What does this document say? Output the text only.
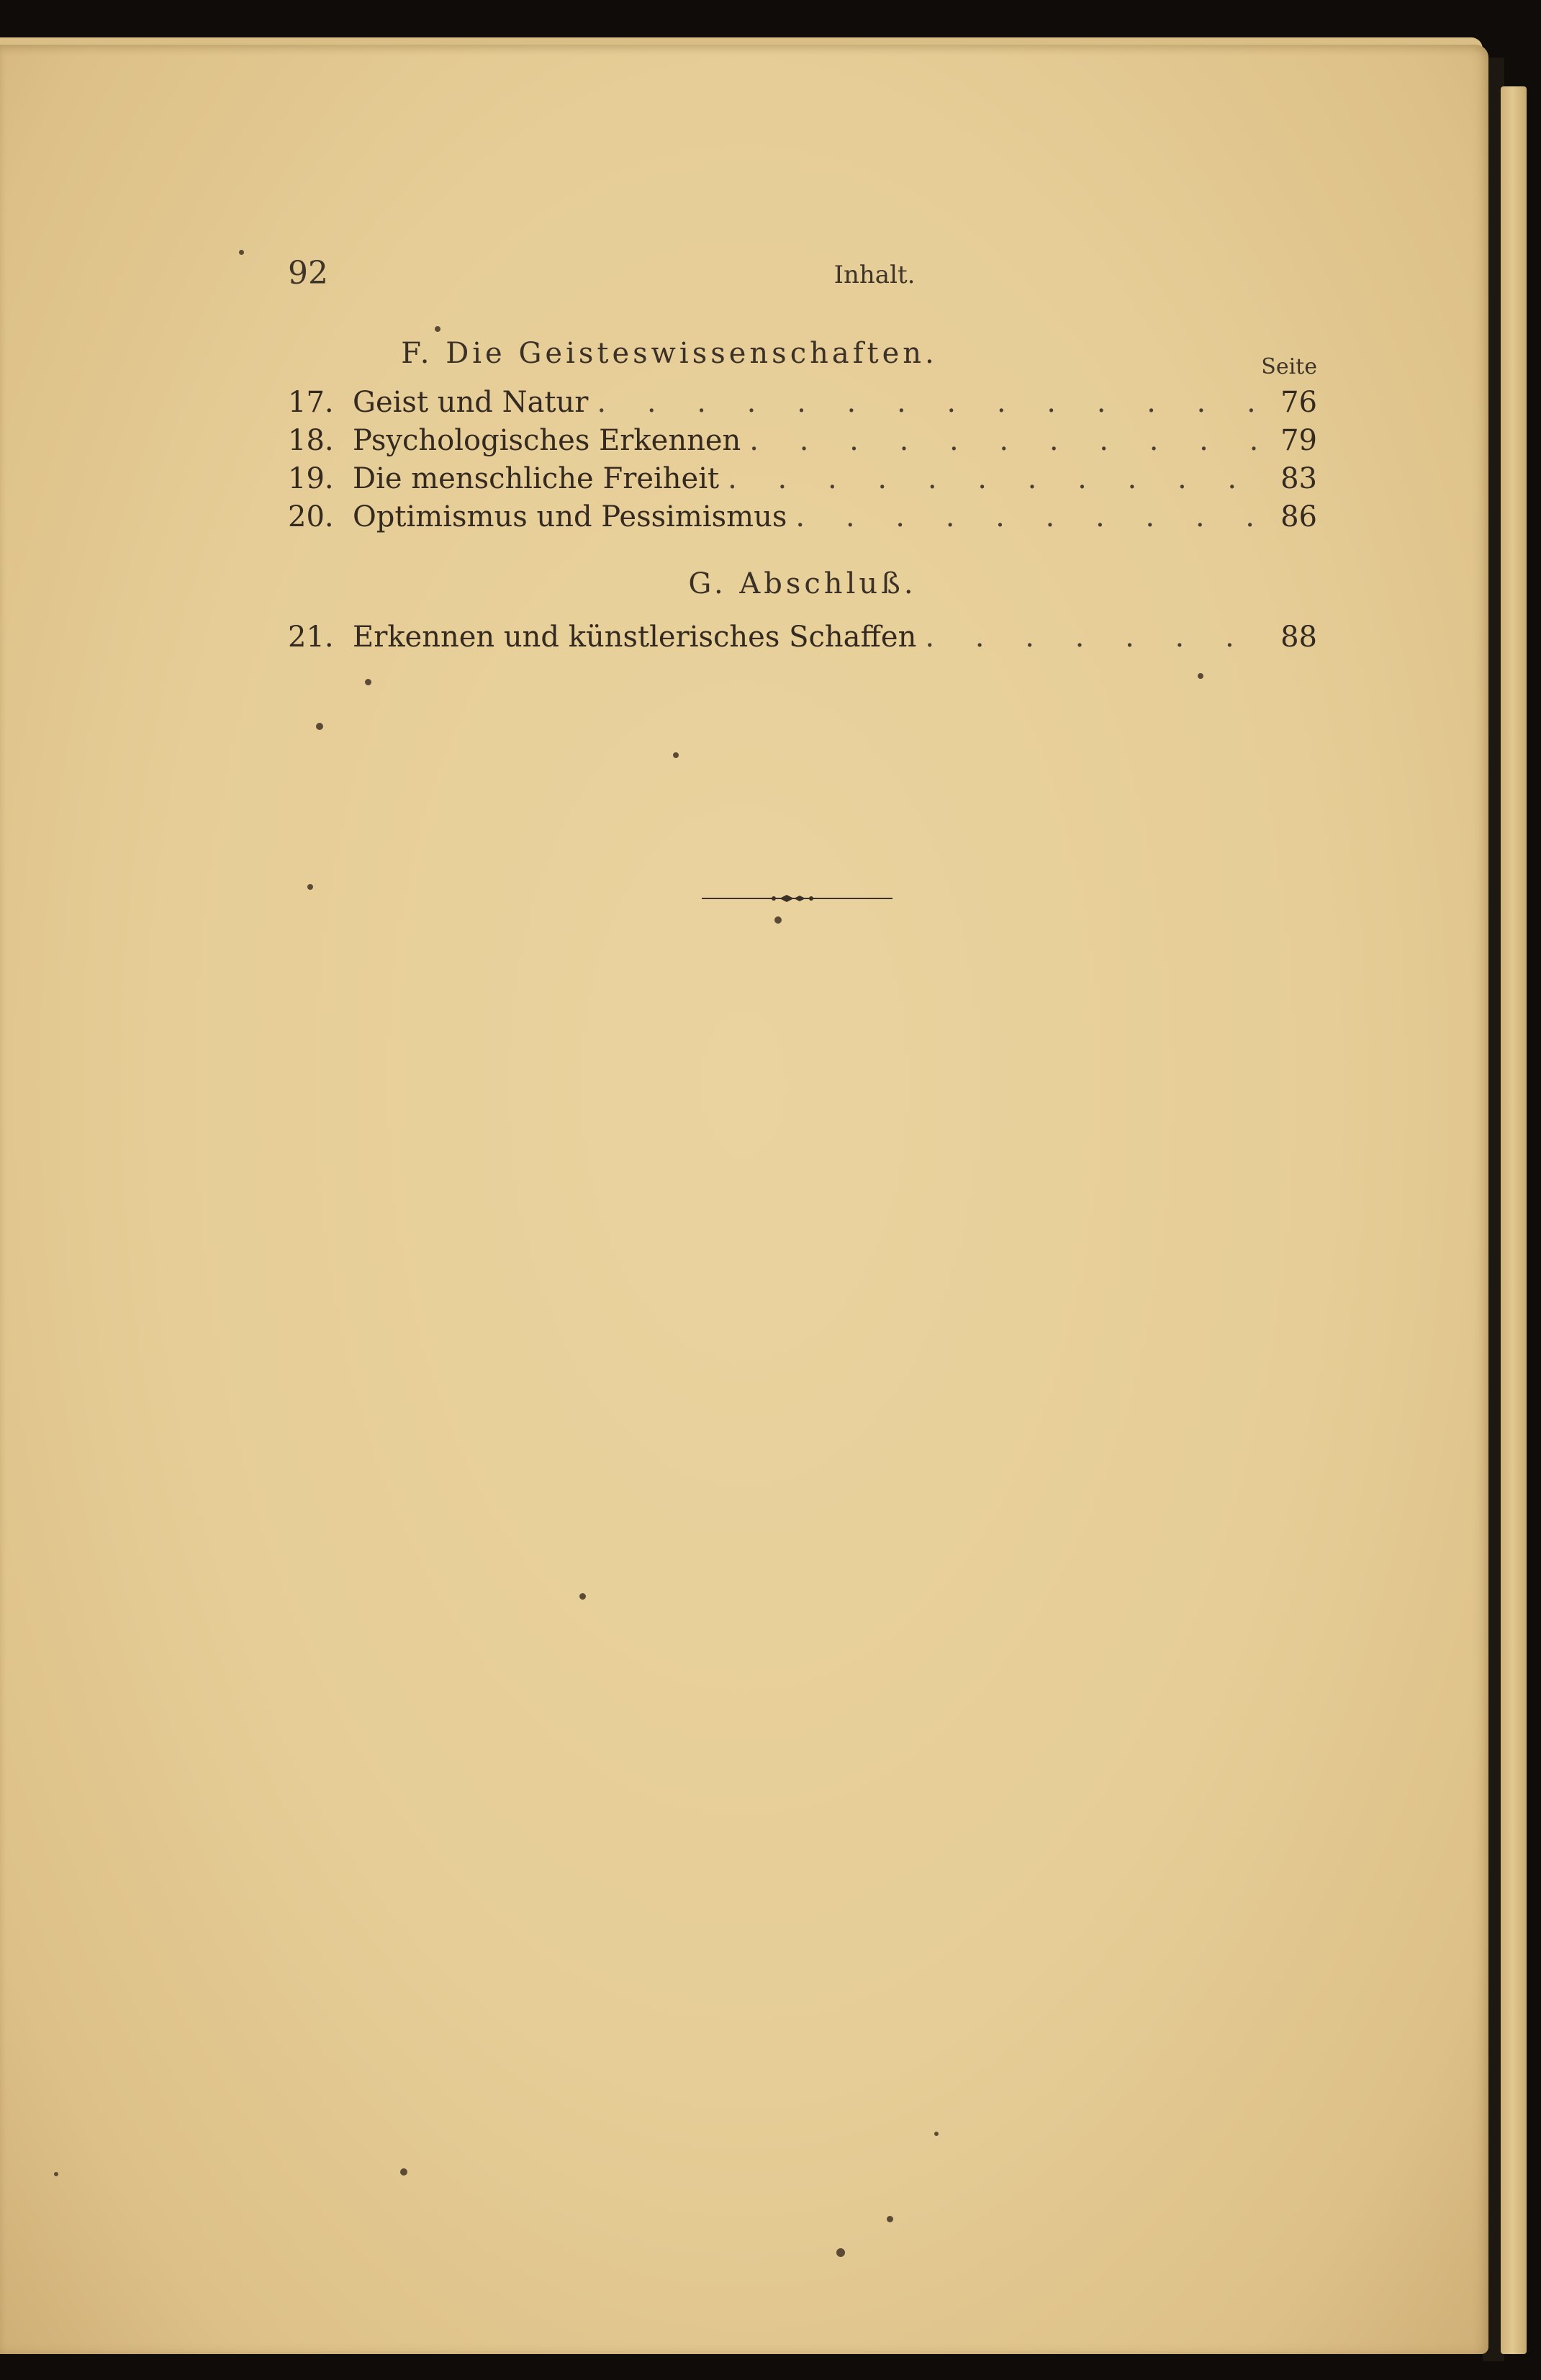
92	Inhalt.
F. Die Geisteswissenschaften.	Seite
17. Geist und Natur . . .	76
18. Psychologisches Erkennen . . .	79
19. Die menschliche Freiheit . . .	83
20. Optimismus und Pessimismus . . .	86
G. Abschluß.
21. Erkennen und künstlerisches Schaffen . . .	88
